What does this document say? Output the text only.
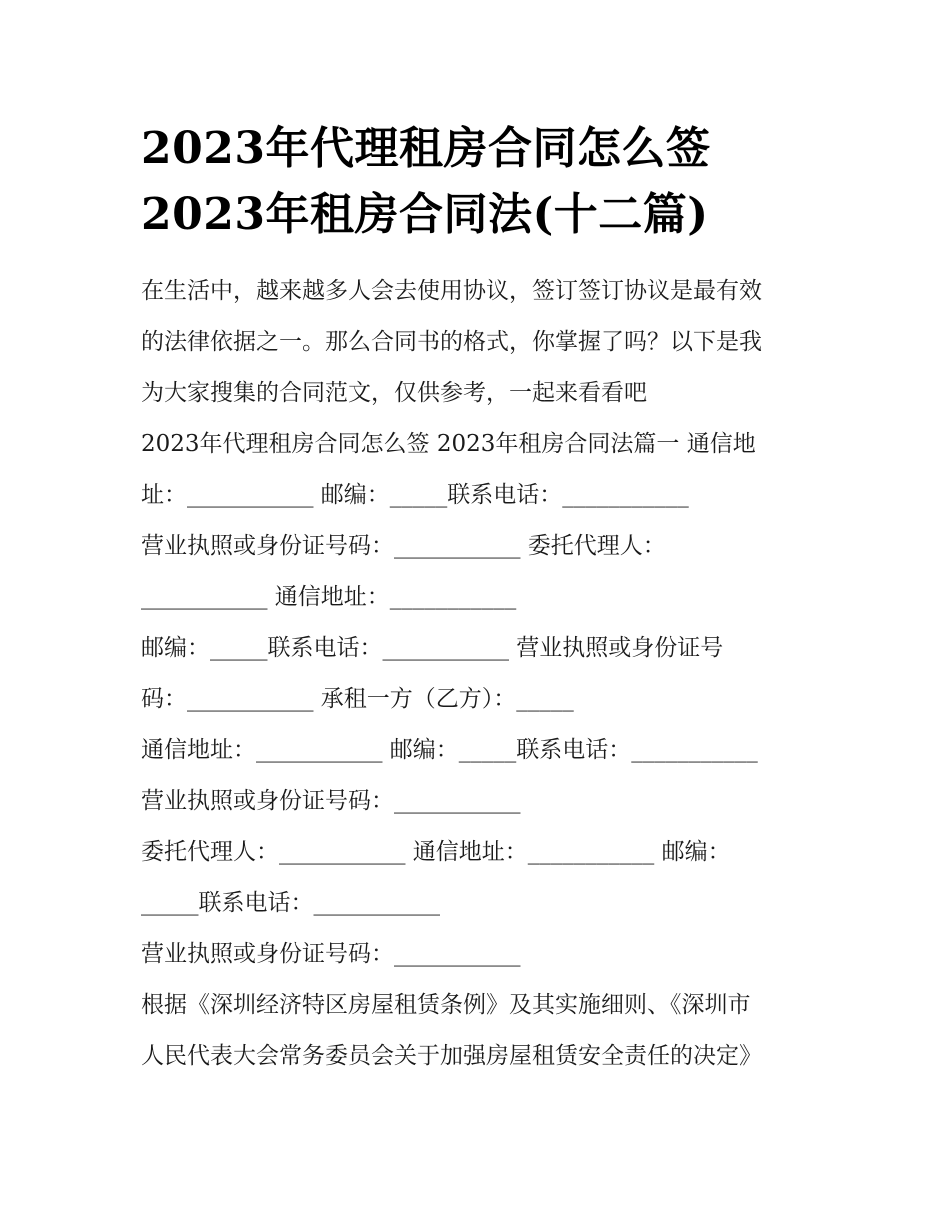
2023年代理租房合同怎么签
2023年租房合同法(十二篇)
在生活中，越来越多人会去使用协议，签订签订协议是最有效
的法律依据之一。那么合同书的格式，你掌握了吗？以下是我
为大家搜集的合同范文，仅供参考，一起来看看吧
2023年代理租房合同怎么签 2023年租房合同法篇一 通信地
址：___________ 邮编：_____联系电话：___________
营业执照或身份证号码：___________ 委托代理人：
___________ 通信地址：___________
邮编：_____联系电话：___________ 营业执照或身份证号
码：___________ 承租一方（乙方）：_____
通信地址：___________ 邮编：_____联系电话：___________
营业执照或身份证号码：___________
委托代理人：___________ 通信地址：___________ 邮编：
_____联系电话：___________
营业执照或身份证号码：___________
根据《深圳经济特区房屋租赁条例》及其实施细则、《深圳市
人民代表大会常务委员会关于加强房屋租赁安全责任的决定》
